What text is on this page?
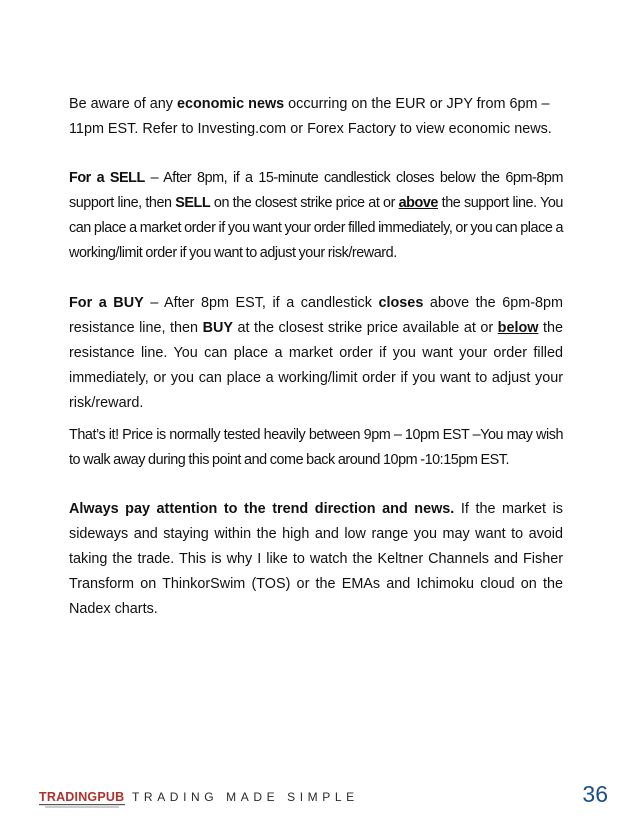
Be aware of any economic news occurring on the EUR or JPY from 6pm – 11pm EST. Refer to Investing.com or Forex Factory to view economic news.

For a SELL – After 8pm, if a 15-minute candlestick closes below the 6pm-8pm support line, then SELL on the closest strike price at or above the support line. You can place a market order if you want your order filled immediately, or you can place a working/limit order if you want to adjust your risk/reward.

For a BUY – After 8pm EST, if a candlestick closes above the 6pm-8pm resistance line, then BUY at the closest strike price available at or below the resistance line. You can place a market order if you want your order filled immediately, or you can place a working/limit order if you want to adjust your risk/reward.

That’s it! Price is normally tested heavily between 9pm – 10pm EST –You may wish to walk away during this point and come back around 10pm -10:15pm EST.

Always pay attention to the trend direction and news. If the market is sideways and staying within the high and low range you may want to avoid taking the trade. This is why I like to watch the Keltner Channels and Fisher Transform on ThinkorSwim (TOS) or the EMAs and Ichimoku cloud on the Nadex charts.

TRADINGPUB TRADING MADE SIMPLE	36
